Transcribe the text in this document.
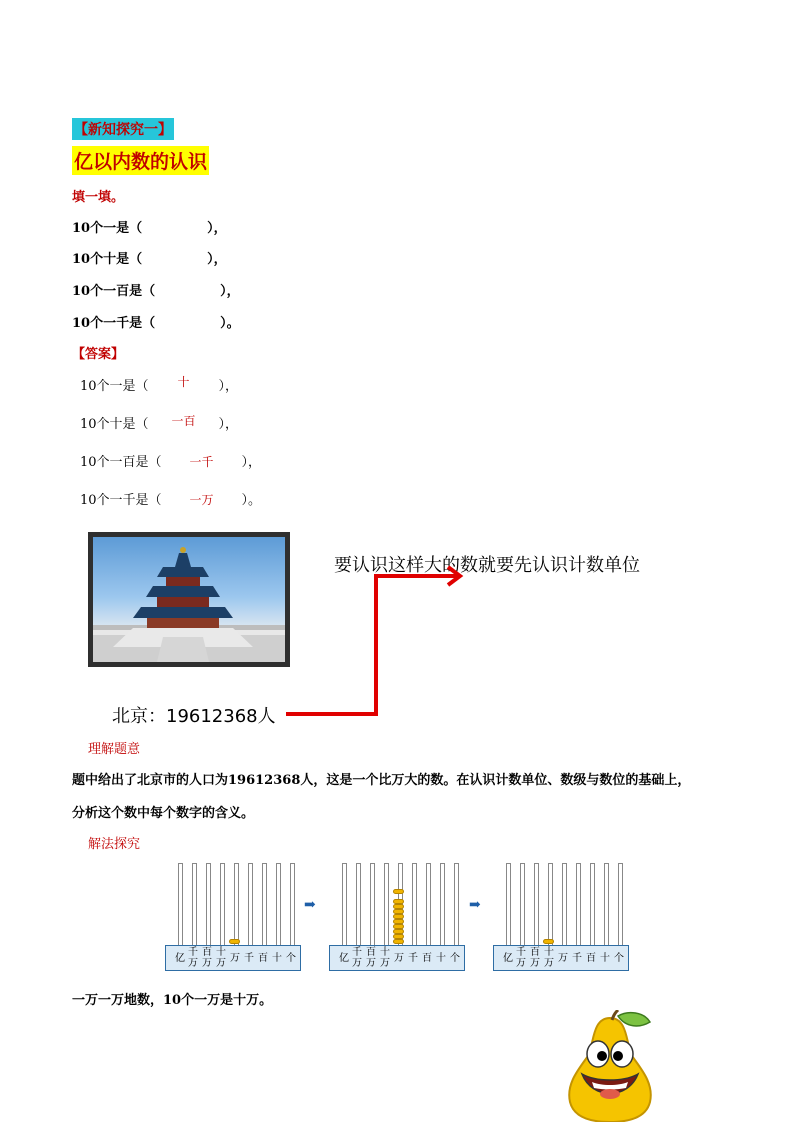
【新知探究一】
亿以内数的认识
填一填。
10个一是（　　　　　），
10个十是（　　　　　），
10个一百是（　　　　　），
10个一千是（　　　　　）。
【答案】
10个一是（ 十 ），
10个十是（ 一百 ），
10个一百是（ 一千 ），
10个一千是（ 一万 ）。
要认识这样大的数就要先认识计数单位
北京：19612368人
理解题意
题中给出了北京市的人口为19612368人，这是一个比万大的数。在认识计数单位、数级与数位的基础上，
分析这个数中每个数字的含义。
解法探究
亿
千
万
百
万
十
万 万 千 百 十 个
➡
亿
千
万
百
万
十
万 万 千 百 十 个
➡
亿
千
万
百
万
十
万 万 千 百 十 个
一万一万地数，10个一万是十万。
